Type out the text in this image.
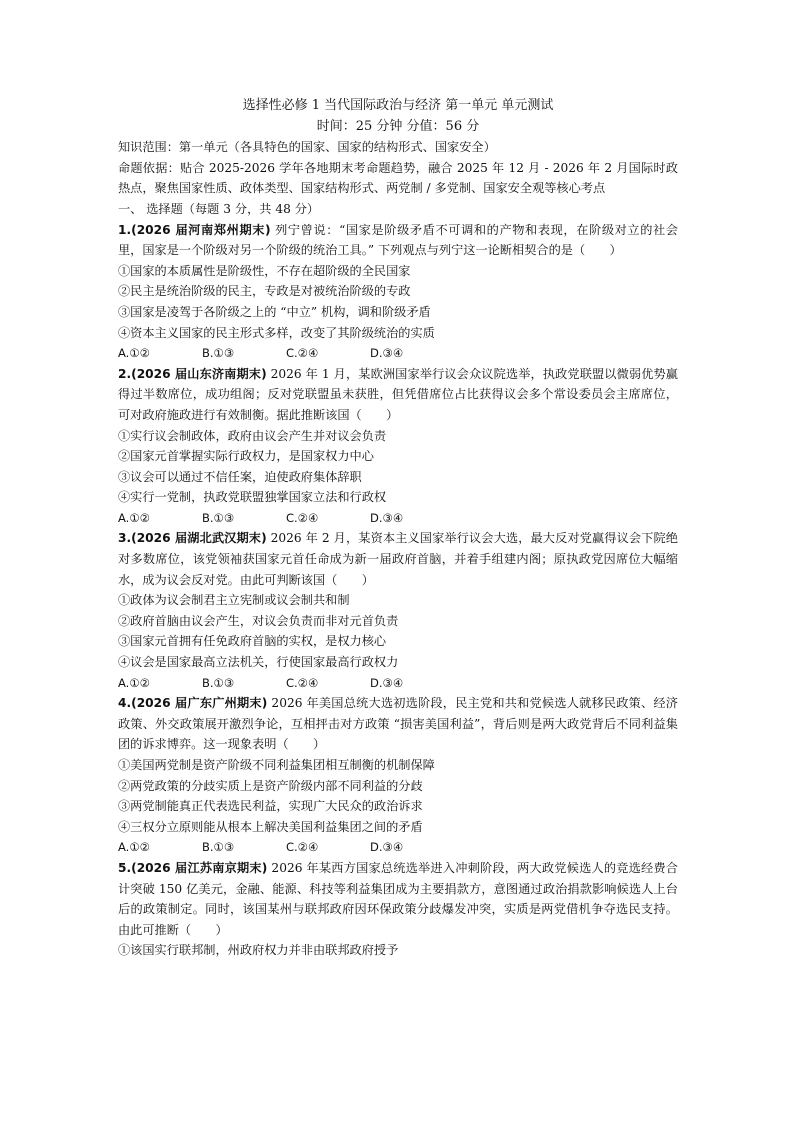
选择性必修 1 当代国际政治与经济 第一单元 单元测试
时间：25 分钟 分值：56 分
知识范围：第一单元（各具特色的国家、国家的结构形式、国家安全）
命题依据：贴合 2025-2026 学年各地期末考命题趋势，融合 2025 年 12 月 - 2026 年 2 月国际时政热点，聚焦国家性质、政体类型、国家结构形式、两党制 / 多党制、国家安全观等核心考点
一、 选择题（每题 3 分，共 48 分）
1.(2026 届河南郑州期末) 列宁曾说：“国家是阶级矛盾不可调和的产物和表现，在阶级对立的社会里，国家是一个阶级对另一个阶级的统治工具。” 下列观点与列宁这一论断相契合的是（　　）
①国家的本质属性是阶级性，不存在超阶级的全民国家
②民主是统治阶级的民主，专政是对被统治阶级的专政
③国家是凌驾于各阶级之上的 “中立” 机构，调和阶级矛盾
④资本主义国家的民主形式多样，改变了其阶级统治的实质
A.①②	B.①③	C.②④	D.③④
2.(2026 届山东济南期末) 2026 年 1 月，某欧洲国家举行议会众议院选举，执政党联盟以微弱优势赢得过半数席位，成功组阁；反对党联盟虽未获胜，但凭借席位占比获得议会多个常设委员会主席席位，可对政府施政进行有效制衡。据此推断该国（　　）
①实行议会制政体，政府由议会产生并对议会负责
②国家元首掌握实际行政权力，是国家权力中心
③议会可以通过不信任案，迫使政府集体辞职
④实行一党制，执政党联盟独掌国家立法和行政权
A.①②	B.①③	C.②④	D.③④
3.(2026 届湖北武汉期末) 2026 年 2 月，某资本主义国家举行议会大选，最大反对党赢得议会下院绝对多数席位，该党领袖获国家元首任命成为新一届政府首脑，并着手组建内阁；原执政党因席位大幅缩水，成为议会反对党。由此可判断该国（　　）
①政体为议会制君主立宪制或议会制共和制
②政府首脑由议会产生，对议会负责而非对元首负责
③国家元首拥有任免政府首脑的实权，是权力核心
④议会是国家最高立法机关，行使国家最高行政权力
A.①②	B.①③	C.②④	D.③④
4.(2026 届广东广州期末) 2026 年美国总统大选初选阶段，民主党和共和党候选人就移民政策、经济政策、外交政策展开激烈争论，互相抨击对方政策 “损害美国利益”，背后则是两大政党背后不同利益集团的诉求博弈。这一现象表明（　　）
①美国两党制是资产阶级不同利益集团相互制衡的机制保障
②两党政策的分歧实质上是资产阶级内部不同利益的分歧
③两党制能真正代表选民利益，实现广大民众的政治诉求
④三权分立原则能从根本上解决美国利益集团之间的矛盾
A.①②	B.①③	C.②④	D.③④
5.(2026 届江苏南京期末) 2026 年某西方国家总统选举进入冲刺阶段，两大政党候选人的竞选经费合计突破 150 亿美元，金融、能源、科技等利益集团成为主要捐款方，意图通过政治捐款影响候选人上台后的政策制定。同时，该国某州与联邦政府因环保政策分歧爆发冲突，实质是两党借机争夺选民支持。由此可推断（　　）
①该国实行联邦制，州政府权力并非由联邦政府授予
